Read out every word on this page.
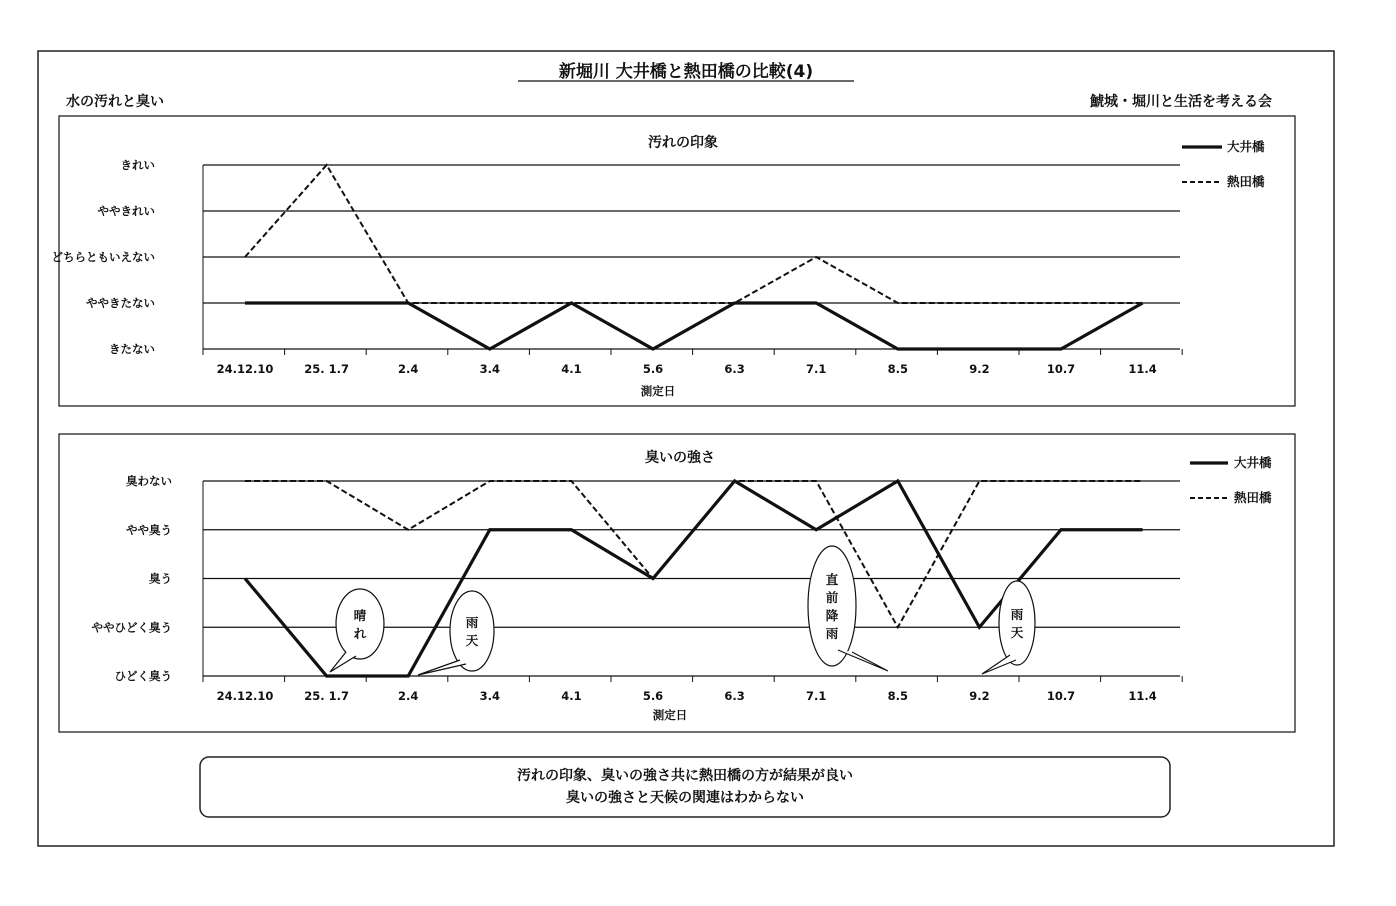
新堀川 大井橋と熱田橋の比較(4)
水の汚れと臭い	鯱城・堀川と生活を考える会
汚れの印象
きたない
ややきたない
どちらともいえない
ややきれい
きれい
24.12.10	25. 1.7	2.4	3.4	4.1	5.6	6.3	7.1	8.5	9.2	10.7	11.4
測定日
大井橋
熱田橋
臭いの強さ
ひどく臭う
ややひどく臭う
臭う
やや臭う
臭わない
24.12.10	25. 1.7	2.4	3.4	4.1	5.6	6.3	7.1	8.5	9.2	10.7	11.4
測定日
大井橋
熱田橋
晴れ
雨天
直前降雨
雨天
汚れの印象、臭いの強さ共に熱田橋の方が結果が良い
臭いの強さと天候の関連はわからない
